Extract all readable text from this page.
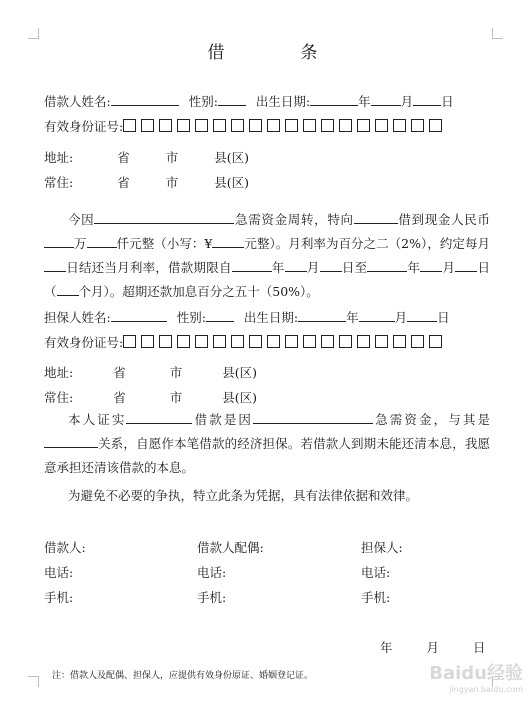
借	条
借款人姓名:	性别:	出生日期:	年 月 日
有效身份证号:
地址:	省	市	县(区)
常住:	省	市	县(区)
今因	急需资金周转，特向	借到现金人民币万 仟元整（小写：¥	元整）。月利率为百分之二（2%），约定每月日结还当月利率，借款期限自	年 月 日至	年 月 日（ 个月）。超期还款加息百分之五十（50%）。
担保人姓名:	性别:	出生日期:	年	月 日
有效身份证号:
地址:	省	市	县(区)
常住:	省	市	县(区)
本人证实	借款是因	急需资金，与其是关系，自愿作本笔借款的经济担保。若借款人到期未能还清本息，我愿意承担还清该借款的本息。
为避免不必要的争执，特立此条为凭据，具有法律依据和效律。
借款人:	借款人配偶:	担保人:
电话:	电话:	电话:
手机:	手机:	手机:
年	月	日
注：借款人及配偶、担保人，应提供有效身份原证、婚姻登记证。	Baidu经验
jingyan.baidu.com
